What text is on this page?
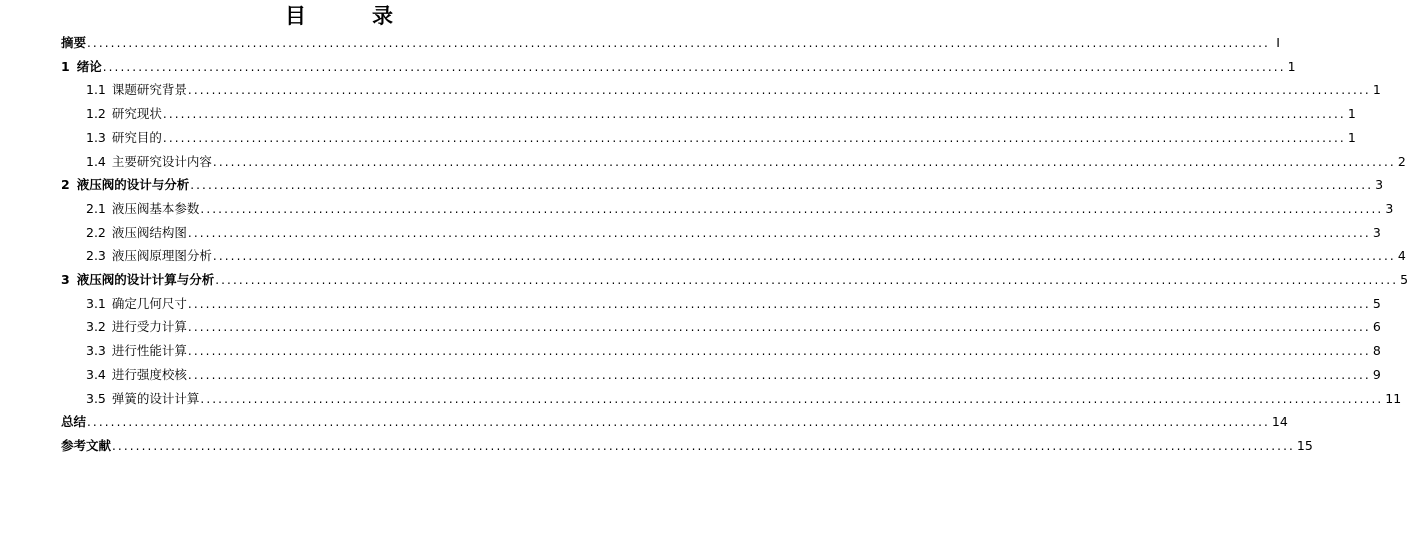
目	录
摘要 ........................................................................................................................................................................................................ I
1 绪论 ........................................................................................................................................................................................................ 1
1.1 课题研究背景 ........................................................................................................................................................................................................ 1
1.2 研究现状 ........................................................................................................................................................................................................ 1
1.3 研究目的 ........................................................................................................................................................................................................ 1
1.4 主要研究设计内容 ........................................................................................................................................................................................................ 2
2 液压阀的设计与分析 ........................................................................................................................................................................................................ 3
2.1 液压阀基本参数 ........................................................................................................................................................................................................ 3
2.2 液压阀结构图 ........................................................................................................................................................................................................ 3
2.3 液压阀原理图分析 ........................................................................................................................................................................................................ 4
3 液压阀的设计计算与分析 ........................................................................................................................................................................................................ 5
3.1 确定几何尺寸 ........................................................................................................................................................................................................ 5
3.2 进行受力计算 ........................................................................................................................................................................................................ 6
3.3 进行性能计算 ........................................................................................................................................................................................................ 8
3.4 进行强度校核 ........................................................................................................................................................................................................ 9
3.5 弹簧的设计计算 ........................................................................................................................................................................................................ 11
总结 ........................................................................................................................................................................................................ 14
参考文献 ........................................................................................................................................................................................................ 15
